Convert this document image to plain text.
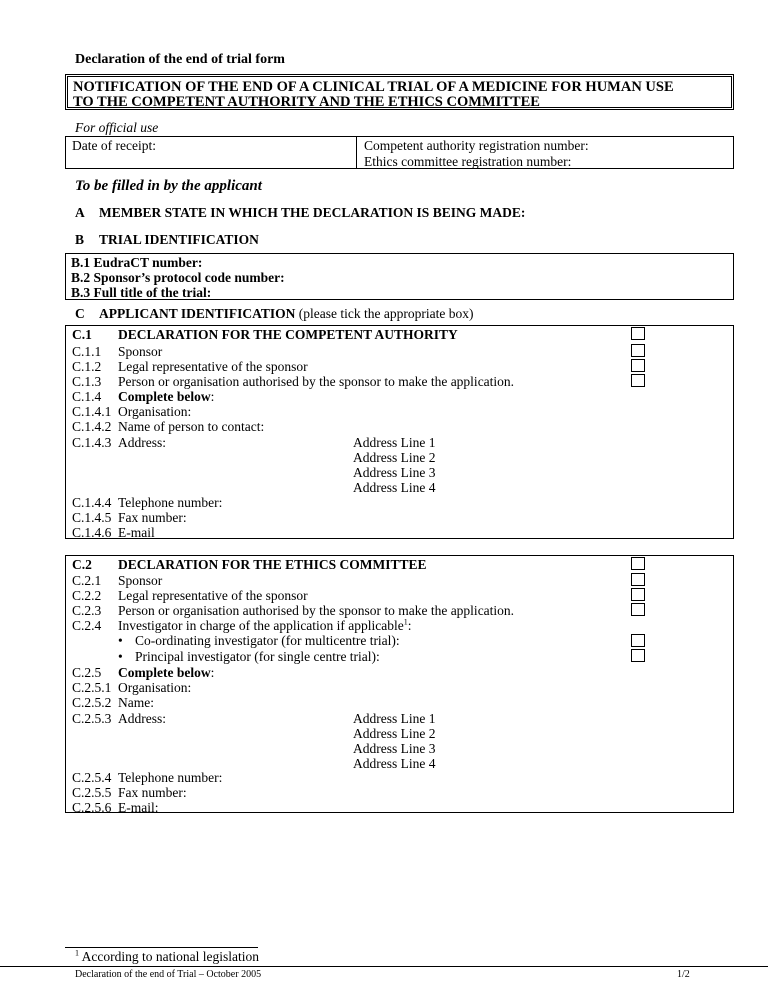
Declaration of the end of trial form
NOTIFICATION OF THE END OF A CLINICAL TRIAL OF A MEDICINE FOR HUMAN USE
TO THE COMPETENT AUTHORITY AND THE ETHICS COMMITTEE
For official use
Date of receipt:	Competent authority registration number:
Ethics committee registration number:
To be filled in by the applicant
A MEMBER STATE IN WHICH THE DECLARATION IS BEING MADE:
B TRIAL IDENTIFICATION
B.1 EudraCT number:
B.2 Sponsor’s protocol code number:
B.3 Full title of the trial:
C APPLICANT IDENTIFICATION (please tick the appropriate box)
C.1 DECLARATION FOR THE COMPETENT AUTHORITY
C.1.1 Sponsor
C.1.2 Legal representative of the sponsor
C.1.3 Person or organisation authorised by the sponsor to make the application.
C.1.4 Complete below:
C.1.4.1 Organisation:
C.1.4.2 Name of person to contact:
C.1.4.3 Address:	Address Line 1
Address Line 2
Address Line 3
Address Line 4
C.1.4.4 Telephone number:
C.1.4.5 Fax number:
C.1.4.6 E-mail
C.2 DECLARATION FOR THE ETHICS COMMITTEE
C.2.1 Sponsor
C.2.2 Legal representative of the sponsor
C.2.3 Person or organisation authorised by the sponsor to make the application.
C.2.4 Investigator in charge of the application if applicable$^1$:
• Co-ordinating investigator (for multicentre trial):
• Principal investigator (for single centre trial):
C.2.5 Complete below:
C.2.5.1 Organisation:
C.2.5.2 Name:
C.2.5.3 Address:	Address Line 1
Address Line 2
Address Line 3
Address Line 4
C.2.5.4 Telephone number:
C.2.5.5 Fax number:
C.2.5.6 E-mail:
$^1$ According to national legislation
Declaration of the end of Trial – October 2005	1/2
